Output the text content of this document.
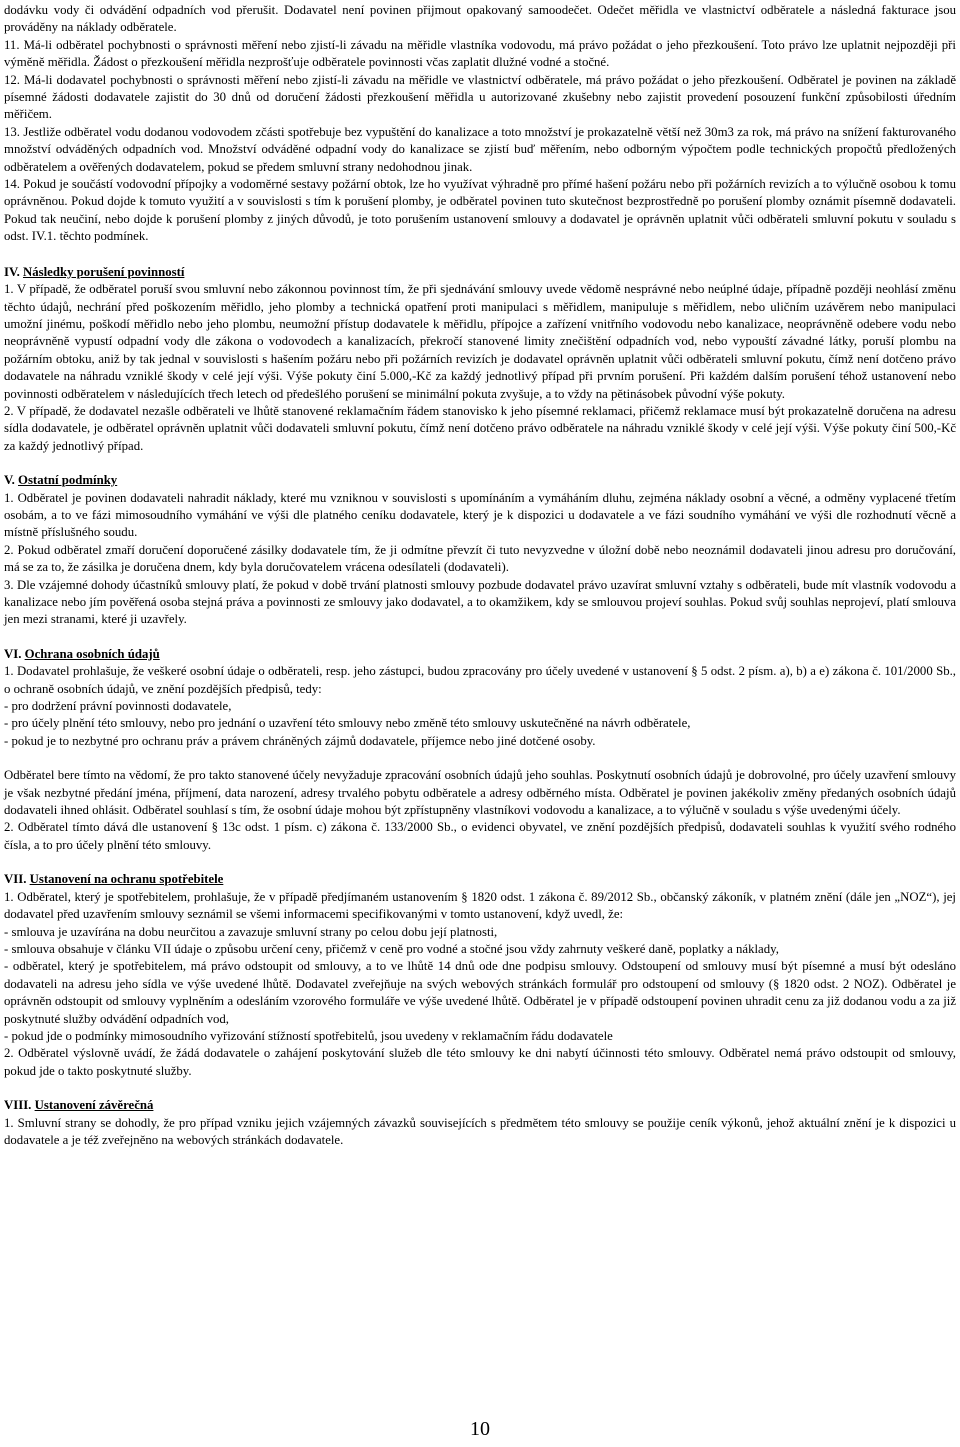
dodávku vody či odvádění odpadních vod přerušit. Dodavatel není povinen přijmout opakovaný samoodečet. Odečet měřidla ve vlastnictví odběratele a následná fakturace jsou prováděny na náklady odběratele.

11. Má-li odběratel pochybnosti o správnosti měření nebo zjistí-li závadu na měřidle vlastníka vodovodu, má právo požádat o jeho přezkoušení. Toto právo lze uplatnit nejpozději při výměně měřidla. Žádost o přezkoušení měřidla nezprošťuje odběratele povinnosti včas zaplatit dlužné vodné a stočné.

12. Má-li dodavatel pochybnosti o správnosti měření nebo zjistí-li závadu na měřidle ve vlastnictví odběratele, má právo požádat o jeho přezkoušení. Odběratel je povinen na základě písemné žádosti dodavatele zajistit do 30 dnů od doručení žádosti přezkoušení měřidla u autorizované zkušebny nebo zajistit provedení posouzení funkční způsobilosti úředním měřičem.

13. Jestliže odběratel vodu dodanou vodovodem zčásti spotřebuje bez vypuštění do kanalizace a toto množství je prokazatelně větší než 30m3 za rok, má právo na snížení fakturovaného množství odváděných odpadních vod. Množství odváděné odpadní vody do kanalizace se zjistí buď měřením, nebo odborným výpočtem podle technických propočtů předložených odběratelem a ověřených dodavatelem, pokud se předem smluvní strany nedohodnou jinak.

14. Pokud je součástí vodovodní přípojky a vodoměrné sestavy požární obtok, lze ho využívat výhradně pro přímé hašení požáru nebo při požárních revizích a to výlučně osobou k tomu oprávněnou. Pokud dojde k tomuto využití a v souvislosti s tím k porušení plomby, je odběratel povinen tuto skutečnost bezprostředně po porušení plomby oznámit písemně dodavateli. Pokud tak neučiní, nebo dojde k porušení plomby z jiných důvodů, je toto porušením ustanovení smlouvy a dodavatel je oprávněn uplatnit vůči odběrateli smluvní pokutu v souladu s odst. IV.1. těchto podmínek.

IV. Následky porušení povinností

1. V případě, že odběratel poruší svou smluvní nebo zákonnou povinnost tím, že při sjednávání smlouvy uvede vědomě nesprávné nebo neúplné údaje, případně později neohlásí změnu těchto údajů, nechrání před poškozením měřidlo, jeho plomby a technická opatření proti manipulaci s měřidlem, manipuluje s měřidlem, nebo uličním uzávěrem nebo manipulaci umožní jinému, poškodí měřidlo nebo jeho plombu, neumožní přístup dodavatele k měřidlu, přípojce a zařízení vnitřního vodovodu nebo kanalizace, neoprávněně odebere vodu nebo neoprávněně vypustí odpadní vody dle zákona o vodovodech a kanalizacích, překročí stanovené limity znečištění odpadních vod, nebo vypouští závadné látky, poruší plombu na požárním obtoku, aniž by tak jednal v souvislosti s hašením požáru nebo při požárních revizích je dodavatel oprávněn uplatnit vůči odběrateli smluvní pokutu, čímž není dotčeno právo dodavatele na náhradu vzniklé škody v celé její výši. Výše pokuty činí 5.000,-Kč za každý jednotlivý případ při prvním porušení. Při každém dalším porušení téhož ustanovení nebo povinnosti odběratelem v následujících třech letech od předešlého porušení se minimální pokuta zvyšuje, a to vždy na pětinásobek původní výše pokuty.

2. V případě, že dodavatel nezašle odběrateli ve lhůtě stanovené reklamačním řádem stanovisko k jeho písemné reklamaci, přičemž reklamace musí být prokazatelně doručena na adresu sídla dodavatele, je odběratel oprávněn uplatnit vůči dodavateli smluvní pokutu, čímž není dotčeno právo odběratele na náhradu vzniklé škody v celé její výši. Výše pokuty činí 500,-Kč za každý jednotlivý případ.

V. Ostatní podmínky

1. Odběratel je povinen dodavateli nahradit náklady, které mu vzniknou v souvislosti s upomínáním a vymáháním dluhu, zejména náklady osobní a věcné, a odměny vyplacené třetím osobám, a to ve fázi mimosoudního vymáhání ve výši dle platného ceníku dodavatele, který je k dispozici u dodavatele a ve fázi soudního vymáhání ve výši dle rozhodnutí věcně a místně příslušného soudu.

2. Pokud odběratel zmaří doručení doporučené zásilky dodavatele tím, že ji odmítne převzít či tuto nevyzvedne v úložní době nebo neoznámil dodavateli jinou adresu pro doručování, má se za to, že zásilka je doručena dnem, kdy byla doručovatelem vrácena odesílateli (dodavateli).

3. Dle vzájemné dohody účastníků smlouvy platí, že pokud v době trvání platnosti smlouvy pozbude dodavatel právo uzavírat smluvní vztahy s odběrateli, bude mít vlastník vodovodu a kanalizace nebo jím pověřená osoba stejná práva a povinnosti ze smlouvy jako dodavatel, a to okamžikem, kdy se smlouvou projeví souhlas. Pokud svůj souhlas neprojeví, platí smlouva jen mezi stranami, které ji uzavřely.

VI. Ochrana osobních údajů

1. Dodavatel prohlašuje, že veškeré osobní údaje o odběrateli, resp. jeho zástupci, budou zpracovány pro účely uvedené v ustanovení § 5 odst. 2 písm. a), b) a e) zákona č. 101/2000 Sb., o ochraně osobních údajů, ve znění pozdějších předpisů, tedy:

- pro dodržení právní povinnosti dodavatele,

- pro účely plnění této smlouvy, nebo pro jednání o uzavření této smlouvy nebo změně této smlouvy uskutečněné na návrh odběratele,

- pokud je to nezbytné pro ochranu práv a právem chráněných zájmů dodavatele, příjemce nebo jiné dotčené osoby.

Odběratel bere tímto na vědomí, že pro takto stanovené účely nevyžaduje zpracování osobních údajů jeho souhlas. Poskytnutí osobních údajů je dobrovolné, pro účely uzavření smlouvy je však nezbytné předání jména, příjmení, data narození, adresy trvalého pobytu odběratele a adresy odběrného místa. Odběratel je povinen jakékoliv změny předaných osobních údajů dodavateli ihned ohlásit. Odběratel souhlasí s tím, že osobní údaje mohou být zpřístupněny vlastníkovi vodovodu a kanalizace, a to výlučně v souladu s výše uvedenými účely.

2. Odběratel tímto dává dle ustanovení § 13c odst. 1 písm. c) zákona č. 133/2000 Sb., o evidenci obyvatel, ve znění pozdějších předpisů, dodavateli souhlas k využití svého rodného čísla, a to pro účely plnění této smlouvy.

VII. Ustanovení na ochranu spotřebitele

1. Odběratel, který je spotřebitelem, prohlašuje, že v případě předjímaném ustanovením § 1820 odst. 1 zákona č. 89/2012 Sb., občanský zákoník, v platném znění (dále jen „NOZ“), jej dodavatel před uzavřením smlouvy seznámil se všemi informacemi specifikovanými v tomto ustanovení, když uvedl, že:

- smlouva je uzavírána na dobu neurčitou a zavazuje smluvní strany po celou dobu její platnosti,

- smlouva obsahuje v článku VII údaje o způsobu určení ceny, přičemž v ceně pro vodné a stočné jsou vždy zahrnuty veškeré daně, poplatky a náklady,

- odběratel, který je spotřebitelem, má právo odstoupit od smlouvy, a to ve lhůtě 14 dnů ode dne podpisu smlouvy. Odstoupení od smlouvy musí být písemné a musí být odesláno dodavateli na adresu jeho sídla ve výše uvedené lhůtě. Dodavatel zveřejňuje na svých webových stránkách formulář pro odstoupení od smlouvy (§ 1820 odst. 2 NOZ). Odběratel je oprávněn odstoupit od smlouvy vyplněním a odesláním vzorového formuláře ve výše uvedené lhůtě. Odběratel je v případě odstoupení povinen uhradit cenu za již dodanou vodu a za již poskytnuté služby odvádění odpadních vod,

- pokud jde o podmínky mimosoudního vyřizování stížností spotřebitelů, jsou uvedeny v reklamačním řádu dodavatele

2. Odběratel výslovně uvádí, že žádá dodavatele o zahájení poskytování služeb dle této smlouvy ke dni nabytí účinnosti této smlouvy. Odběratel nemá právo odstoupit od smlouvy, pokud jde o takto poskytnuté služby.

VIII. Ustanovení závěrečná

1. Smluvní strany se dohodly, že pro případ vzniku jejich vzájemných závazků souvisejících s předmětem této smlouvy se použije ceník výkonů, jehož aktuální znění je k dispozici u dodavatele a je též zveřejněno na webových stránkách dodavatele.

10
